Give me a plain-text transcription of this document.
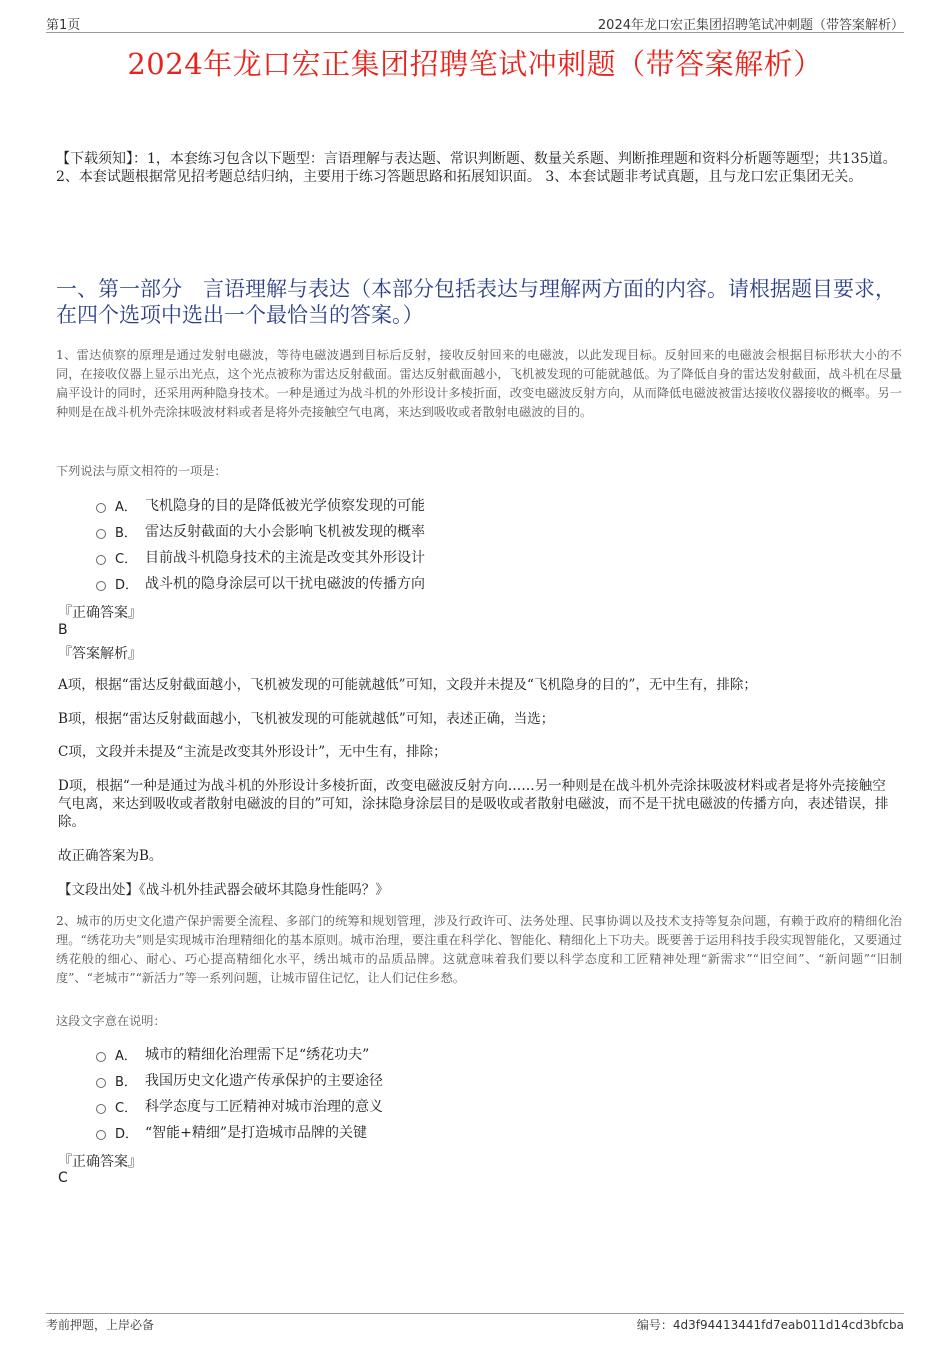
第1页	2024年龙口宏正集团招聘笔试冲刺题（带答案解析）
2024年龙口宏正集团招聘笔试冲刺题（带答案解析）
【下载须知】：1，本套练习包含以下题型：言语理解与表达题、常识判断题、数量关系题、判断推理题和资料分析题等题型；共135道。 2、本套试题根据常见招考题总结归纳，主要用于练习答题思路和拓展知识面。 3、本套试题非考试真题，且与龙口宏正集团无关。
一、第一部分　言语理解与表达（本部分包括表达与理解两方面的内容。请根据题目要求，在四个选项中选出一个最恰当的答案。）
1、雷达侦察的原理是通过发射电磁波，等待电磁波遇到目标后反射，接收反射回来的电磁波，以此发现目标。反射回来的电磁波会根据目标形状大小的不同，在接收仪器上显示出光点，这个光点被称为雷达反射截面。雷达反射截面越小，飞机被发现的可能就越低。为了降低自身的雷达发射截面，战斗机在尽量扁平设计的同时，还采用两种隐身技术。一种是通过为战斗机的外形设计多棱折面，改变电磁波反射方向，从而降低电磁波被雷达接收仪器接收的概率。另一种则是在战斗机外壳涂抹吸波材料或者是将外壳接触空气电离，来达到吸收或者散射电磁波的目的。
下列说法与原文相符的一项是：
A． 飞机隐身的目的是降低被光学侦察发现的可能
B． 雷达反射截面的大小会影响飞机被发现的概率
C． 目前战斗机隐身技术的主流是改变其外形设计
D． 战斗机的隐身涂层可以干扰电磁波的传播方向
『正确答案』
B
『答案解析』
A项，根据“雷达反射截面越小，飞机被发现的可能就越低”可知，文段并未提及“飞机隐身的目的”，无中生有，排除；
B项，根据“雷达反射截面越小，飞机被发现的可能就越低”可知，表述正确，当选；
C项，文段并未提及“主流是改变其外形设计”，无中生有，排除；
D项，根据“一种是通过为战斗机的外形设计多棱折面，改变电磁波反射方向……另一种则是在战斗机外壳涂抹吸波材料或者是将外壳接触空气电离，来达到吸收或者散射电磁波的目的”可知，涂抹隐身涂层目的是吸收或者散射电磁波，而不是干扰电磁波的传播方向，表述错误，排除。
故正确答案为B。
【文段出处】《战斗机外挂武器会破坏其隐身性能吗？》
2、城市的历史文化遗产保护需要全流程、多部门的统筹和规划管理，涉及行政许可、法务处理、民事协调以及技术支持等复杂问题，有赖于政府的精细化治理。“绣花功夫”则是实现城市治理精细化的基本原则。城市治理，要注重在科学化、智能化、精细化上下功夫。既要善于运用科技手段实现智能化，又要通过绣花般的细心、耐心、巧心提高精细化水平，绣出城市的品质品牌。这就意味着我们要以科学态度和工匠精神处理“新需求”“旧空间”、“新问题”“旧制度”、“老城市”“新活力”等一系列问题，让城市留住记忆，让人们记住乡愁。
这段文字意在说明：
A． 城市的精细化治理需下足“绣花功夫”
B． 我国历史文化遗产传承保护的主要途径
C． 科学态度与工匠精神对城市治理的意义
D． “智能+精细”是打造城市品牌的关键
『正确答案』
C
考前押题，上岸必备	编号：4d3f94413441fd7eab011d14cd3bfcba
